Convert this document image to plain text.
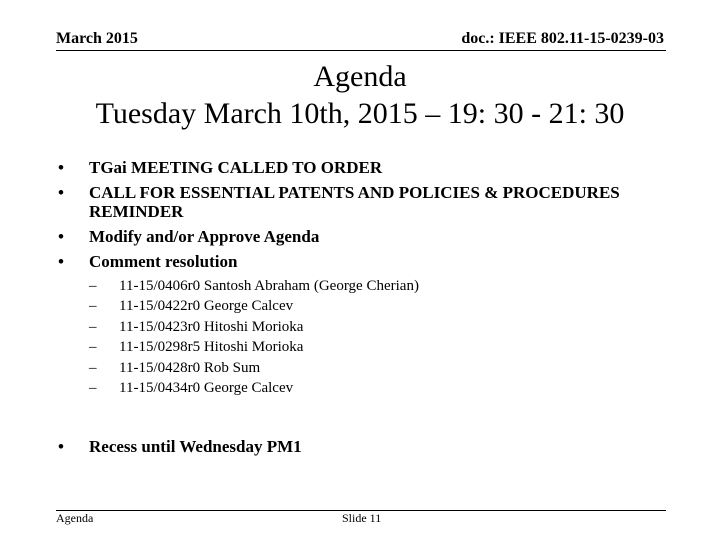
March 2015	doc.: IEEE 802.11-15-0239-03
Agenda
Tuesday March 10th, 2015 – 19: 30 - 21: 30
• TGai MEETING CALLED TO ORDER
• CALL FOR ESSENTIAL PATENTS AND POLICIES & PROCEDURES REMINDER
• Modify and/or Approve Agenda
• Comment resolution
– 11-15/0406r0 Santosh Abraham (George Cherian)
– 11-15/0422r0 George Calcev
– 11-15/0423r0 Hitoshi Morioka
– 11-15/0298r5 Hitoshi Morioka
– 11-15/0428r0 Rob Sum
– 11-15/0434r0 George Calcev
• Recess until Wednesday PM1
Agenda	Slide 11
